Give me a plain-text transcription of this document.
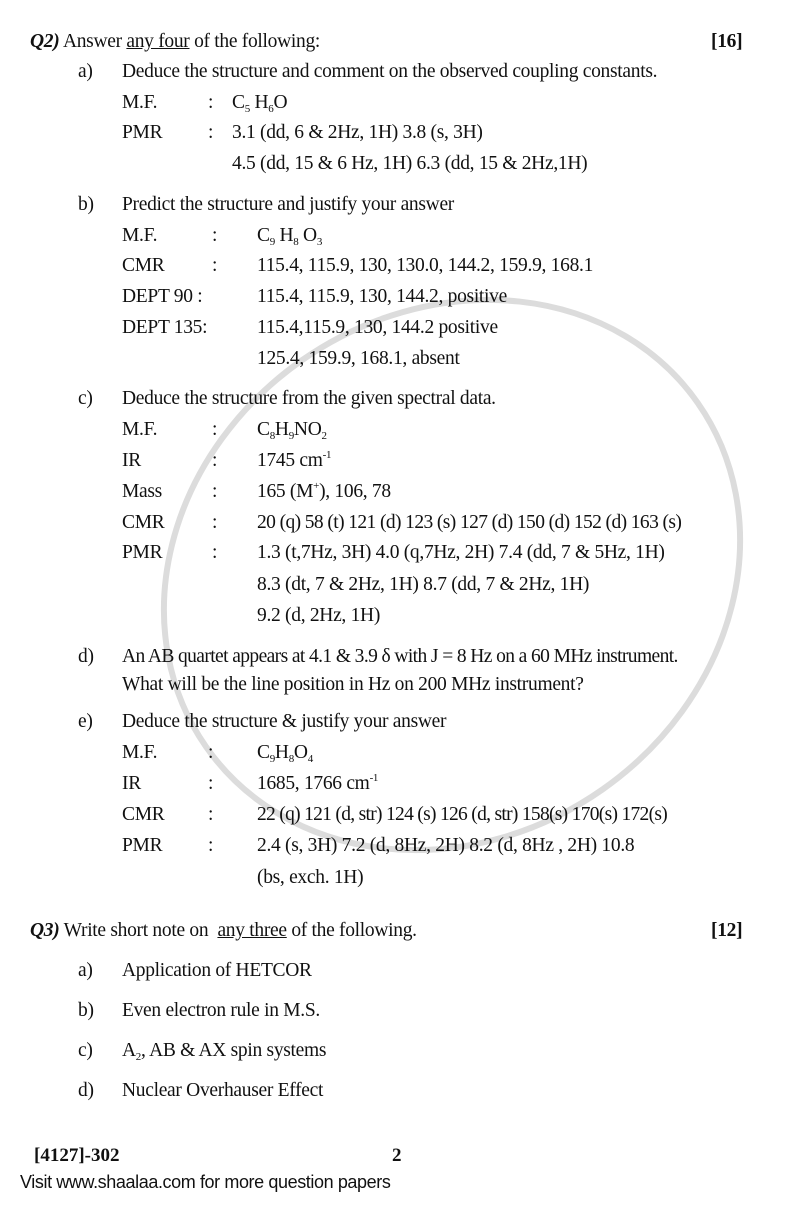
Q2) Answer any four of the following:	[16]
a) Deduce the structure and comment on the observed coupling constants.
M.F.	: $C_5$ $H_6O$
PMR : 3.1 (dd, 6 & 2Hz, 1H) 3.8 (s, 3H)
4.5 (dd, 15 & 6 Hz, 1H) 6.3 (dd, 15 & 2Hz,1H)
b) Predict the structure and justify your answer
M.F.	: $C_9$ $H_8$ $O_3$
CMR : 115.4, 115.9, 130, 130.0, 144.2, 159.9, 168.1
DEPT 90 :	115.4, 115.9, 130, 144.2, positive
DEPT 135:	115.4,115.9, 130, 144.2 positive
125.4, 159.9, 168.1, absent
c) Deduce the structure from the given spectral data.
M.F.	: $C_8H_9NO_2$
IR	: 1745 $cm^{-1}$
Mass	: 165 (M+), 106, 78
CMR : 20 (q) 58 (t) 121 (d) 123 (s) 127 (d) 150 (d) 152 (d) 163 (s)
PMR	: 1.3 (t,7Hz, 3H) 4.0 (q,7Hz, 2H) 7.4 (dd, 7 & 5Hz, 1H)
8.3 (dt, 7 & 2Hz, 1H) 8.7 (dd, 7 & 2Hz, 1H)
9.2 (d, 2Hz, 1H)
d) An AB quartet appears at 4.1 & 3.9 δ with J = 8 Hz on a 60 MHz instrument.
What will be the line position in Hz on 200 MHz instrument?
e) Deduce the structure & justify your answer
M.F.	: $C_9H_8O_4$
IR	: 1685, 1766 $cm^{-1}$
CMR : 22 (q) 121 (d, str) 124 (s) 126 (d, str) 158(s) 170(s) 172(s)
PMR : 2.4 (s, 3H) 7.2 (d, 8Hz, 2H) 8.2 (d, 8Hz , 2H) 10.8
(bs, exch. 1H)
Q3) Write short note on  any three of the following.	[12]
a) Application of HETCOR
b) Even electron rule in M.S.
c) $A_2$, AB & AX spin systems
d) Nuclear Overhauser Effect
[4127]-302	2
Visit www.shaalaa.com for more question papers
